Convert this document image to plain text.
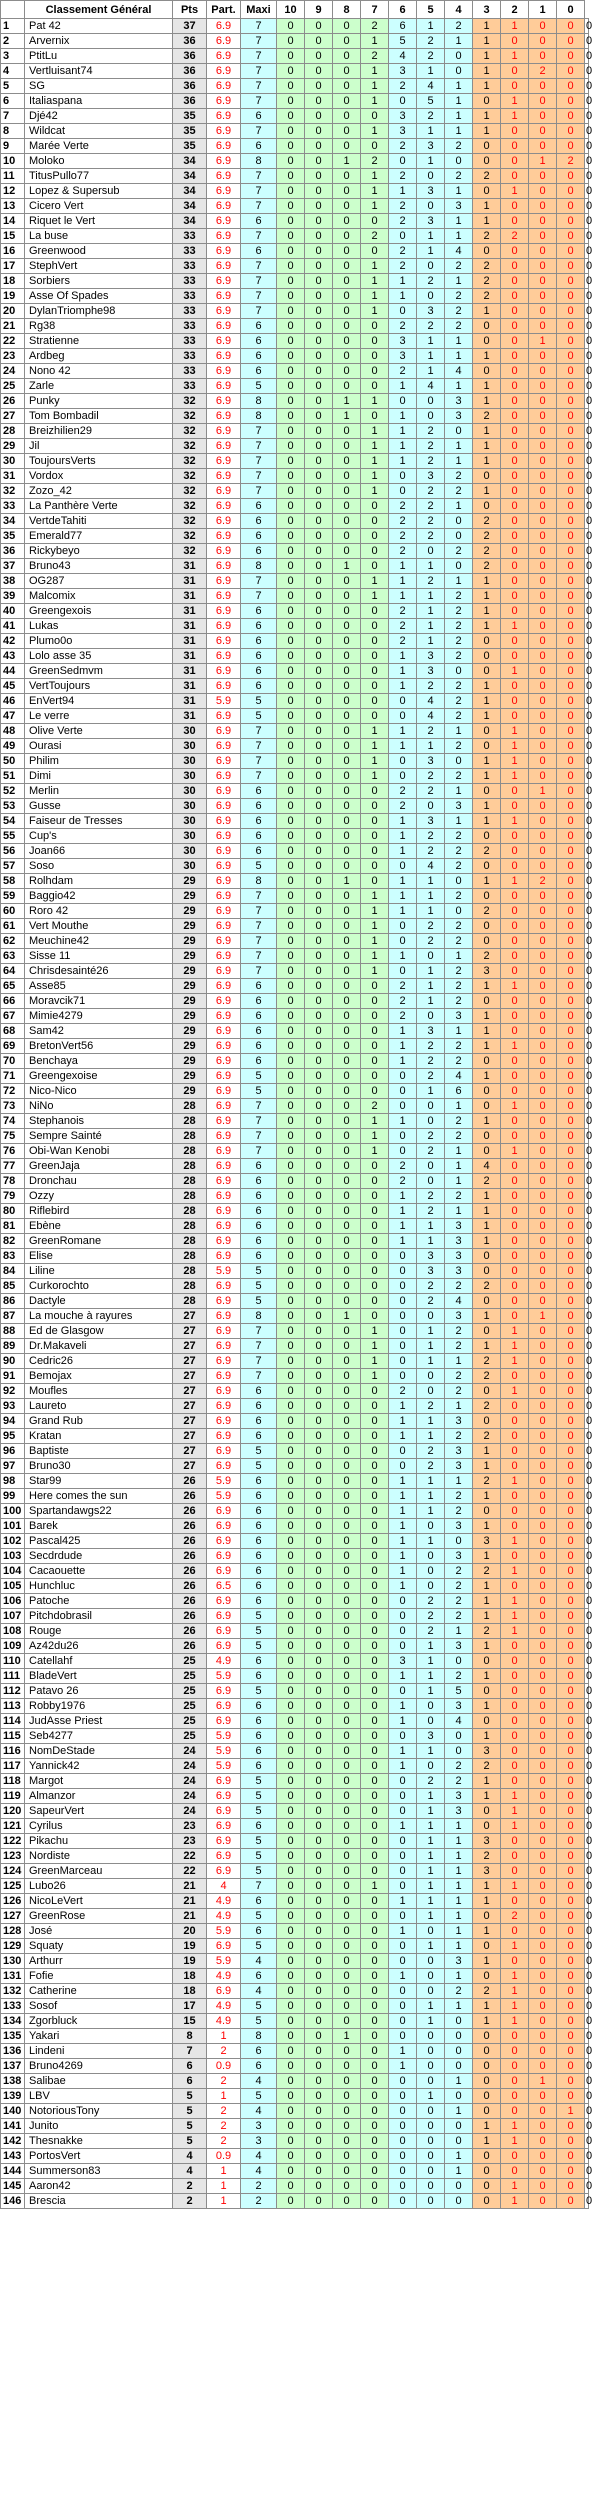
	Classement Général	Pts	Part.	Maxi	10	9	8	7	6	5	4	3	2	1	0	
1	Pat 42	37	6.9	7	0	0	0	2	6	1	2	1	1	0	0	0
2	Arvernix	36	6.9	7	0	0	0	1	5	2	1	1	0	0	0	0
3	PtitLu	36	6.9	7	0	0	0	2	4	2	0	1	1	0	0	0
4	Vertluisant74	36	6.9	7	0	0	0	1	3	1	0	1	0	2	0	0
5	SG	36	6.9	7	0	0	0	1	2	4	1	1	0	0	0	0
6	Italiaspana	36	6.9	7	0	0	0	1	0	5	1	0	1	0	0	0
7	Djé42	35	6.9	6	0	0	0	0	3	2	1	1	1	0	0	0
8	Wildcat	35	6.9	7	0	0	0	1	3	1	1	1	0	0	0	0
9	Marée Verte	35	6.9	6	0	0	0	0	2	3	2	0	0	0	0	0
10	Moloko	34	6.9	8	0	0	1	2	0	1	0	0	0	1	2	0
11	TitusPullo77	34	6.9	7	0	0	0	1	2	0	2	2	0	0	0	0
12	Lopez & Supersub	34	6.9	7	0	0	0	1	1	3	1	0	1	0	0	0
13	Cicero Vert	34	6.9	7	0	0	0	1	2	0	3	1	0	0	0	0
14	Riquet le Vert	34	6.9	6	0	0	0	0	2	3	1	1	0	0	0	0
15	La buse	33	6.9	7	0	0	0	2	0	1	1	2	2	0	0	0
16	Greenwood	33	6.9	6	0	0	0	0	2	1	4	0	0	0	0	0
17	StephVert	33	6.9	7	0	0	0	1	2	0	2	2	0	0	0	0
18	Sorbiers	33	6.9	7	0	0	0	1	1	2	1	2	0	0	0	0
19	Asse Of Spades	33	6.9	7	0	0	0	1	1	0	2	2	0	0	0	0
20	DylanTriomphe98	33	6.9	7	0	0	0	1	0	3	2	1	0	0	0	0
21	Rg38	33	6.9	6	0	0	0	0	2	2	2	0	0	0	0	0
22	Stratienne	33	6.9	6	0	0	0	0	3	1	1	0	0	1	0	0
23	Ardbeg	33	6.9	6	0	0	0	0	3	1	1	1	0	0	0	0
24	Nono 42	33	6.9	6	0	0	0	0	2	1	4	0	0	0	0	0
25	Zarle	33	6.9	5	0	0	0	0	1	4	1	1	0	0	0	0
26	Punky	32	6.9	8	0	0	1	1	0	0	3	1	0	0	0	0
27	Tom Bombadil	32	6.9	8	0	0	1	0	1	0	3	2	0	0	0	0
28	Breizhilien29	32	6.9	7	0	0	0	1	1	2	0	1	0	0	0	0
29	Jil	32	6.9	7	0	0	0	1	1	2	1	1	0	0	0	0
30	ToujoursVerts	32	6.9	7	0	0	0	1	1	2	1	1	0	0	0	0
31	Vordox	32	6.9	7	0	0	0	1	0	3	2	0	0	0	0	0
32	Zozo_42	32	6.9	7	0	0	0	1	0	2	2	1	0	0	0	0
33	La Panthère Verte	32	6.9	6	0	0	0	0	2	2	1	0	0	0	0	0
34	VertdeTahiti	32	6.9	6	0	0	0	0	2	2	0	2	0	0	0	0
35	Emerald77	32	6.9	6	0	0	0	0	2	2	0	2	0	0	0	0
36	Rickybeyo	32	6.9	6	0	0	0	0	2	0	2	2	0	0	0	0
37	Bruno43	31	6.9	8	0	0	1	0	1	1	0	2	0	0	0	0
38	OG287	31	6.9	7	0	0	0	1	1	2	1	1	0	0	0	0
39	Malcomix	31	6.9	7	0	0	0	1	1	1	2	1	0	0	0	0
40	Greengexois	31	6.9	6	0	0	0	0	2	1	2	1	0	0	0	0
41	Lukas	31	6.9	6	0	0	0	0	2	1	2	1	1	0	0	0
42	Plumo0o	31	6.9	6	0	0	0	0	2	1	2	0	0	0	0	0
43	Lolo asse 35	31	6.9	6	0	0	0	0	1	3	2	0	0	0	0	0
44	GreenSedmvm	31	6.9	6	0	0	0	0	1	3	0	0	1	0	0	0
45	VertToujours	31	6.9	6	0	0	0	0	1	2	2	1	0	0	0	0
46	EnVert94	31	5.9	5	0	0	0	0	0	4	2	1	0	0	0	0
47	Le verre	31	6.9	5	0	0	0	0	0	4	2	1	0	0	0	0
48	Olive Verte	30	6.9	7	0	0	0	1	1	2	1	0	1	0	0	0
49	Ourasi	30	6.9	7	0	0	0	1	1	1	2	0	1	0	0	0
50	Philim	30	6.9	7	0	0	0	1	0	3	0	1	1	0	0	0
51	Dimi	30	6.9	7	0	0	0	1	0	2	2	1	1	0	0	0
52	Merlin	30	6.9	6	0	0	0	0	2	2	1	0	0	1	0	0
53	Gusse	30	6.9	6	0	0	0	0	2	0	3	1	0	0	0	0
54	Faiseur de Tresses	30	6.9	6	0	0	0	0	1	3	1	1	1	0	0	0
55	Cup's	30	6.9	6	0	0	0	0	1	2	2	0	0	0	0	0
56	Joan66	30	6.9	6	0	0	0	0	1	2	2	2	0	0	0	0
57	Soso	30	6.9	5	0	0	0	0	0	4	2	0	0	0	0	0
58	Rolhdam	29	6.9	8	0	0	1	0	1	1	0	1	1	2	0	0
59	Baggio42	29	6.9	7	0	0	0	1	1	1	2	0	0	0	0	0
60	Roro 42	29	6.9	7	0	0	0	1	1	1	0	2	0	0	0	0
61	Vert Mouthe	29	6.9	7	0	0	0	1	0	2	2	0	0	0	0	0
62	Meuchine42	29	6.9	7	0	0	0	1	0	2	2	0	0	0	0	0
63	Sisse 11	29	6.9	7	0	0	0	1	1	0	1	2	0	0	0	0
64	Chrisdesainté26	29	6.9	7	0	0	0	1	0	1	2	3	0	0	0	0
65	Asse85	29	6.9	6	0	0	0	0	2	1	2	1	1	0	0	0
66	Moravcik71	29	6.9	6	0	0	0	0	2	1	2	0	0	0	0	0
67	Mimie4279	29	6.9	6	0	0	0	0	2	0	3	1	0	0	0	0
68	Sam42	29	6.9	6	0	0	0	0	1	3	1	1	0	0	0	0
69	BretonVert56	29	6.9	6	0	0	0	0	1	2	2	1	1	0	0	0
70	Benchaya	29	6.9	6	0	0	0	0	1	2	2	0	0	0	0	0
71	Greengexoise	29	6.9	5	0	0	0	0	0	2	4	1	0	0	0	0
72	Nico-Nico	29	6.9	5	0	0	0	0	0	1	6	0	0	0	0	0
73	NiNo	28	6.9	7	0	0	0	2	0	0	1	0	1	0	0	0
74	Stephanois	28	6.9	7	0	0	0	1	1	0	2	1	0	0	0	0
75	Sempre Sainté	28	6.9	7	0	0	0	1	0	2	2	0	0	0	0	0
76	Obi-Wan Kenobi	28	6.9	7	0	0	0	1	0	2	1	0	1	0	0	0
77	GreenJaja	28	6.9	6	0	0	0	0	2	0	1	4	0	0	0	0
78	Dronchau	28	6.9	6	0	0	0	0	2	0	1	2	0	0	0	0
79	Ozzy	28	6.9	6	0	0	0	0	1	2	2	1	0	0	0	0
80	Riflebird	28	6.9	6	0	0	0	0	1	2	1	1	0	0	0	0
81	Ebène	28	6.9	6	0	0	0	0	1	1	3	1	0	0	0	0
82	GreenRomane	28	6.9	6	0	0	0	0	1	1	3	1	0	0	0	0
83	Elise	28	6.9	6	0	0	0	0	0	3	3	0	0	0	0	0
84	Liline	28	5.9	5	0	0	0	0	0	3	3	0	0	0	0	0
85	Curkorochto	28	6.9	5	0	0	0	0	0	2	2	2	0	0	0	0
86	Dactyle	28	6.9	5	0	0	0	0	0	2	4	0	0	0	0	0
87	La mouche à rayures	27	6.9	8	0	0	1	0	0	0	3	1	0	1	0	0
88	Ed de Glasgow	27	6.9	7	0	0	0	1	0	1	2	0	1	0	0	0
89	Dr.Makaveli	27	6.9	7	0	0	0	1	0	1	2	1	1	0	0	0
90	Cedric26	27	6.9	7	0	0	0	1	0	1	1	2	1	0	0	0
91	Bemojax	27	6.9	7	0	0	0	1	0	0	2	2	0	0	0	0
92	Moufles	27	6.9	6	0	0	0	0	2	0	2	0	1	0	0	0
93	Laureto	27	6.9	6	0	0	0	0	1	2	1	2	0	0	0	0
94	Grand Rub	27	6.9	6	0	0	0	0	1	1	3	0	0	0	0	0
95	Kratan	27	6.9	6	0	0	0	0	1	1	2	2	0	0	0	0
96	Baptiste	27	6.9	5	0	0	0	0	0	2	3	1	0	0	0	0
97	Bruno30	27	6.9	5	0	0	0	0	0	2	3	1	0	0	0	0
98	Star99	26	5.9	6	0	0	0	0	1	1	1	2	1	0	0	0
99	Here comes the sun	26	5.9	6	0	0	0	0	1	1	2	1	0	0	0	0
100	Spartandawgs22	26	6.9	6	0	0	0	0	1	1	2	0	0	0	0	0
101	Barek	26	6.9	6	0	0	0	0	1	0	3	1	0	0	0	0
102	Pascal425	26	6.9	6	0	0	0	0	1	1	0	3	1	0	0	0
103	Secdrdude	26	6.9	6	0	0	0	0	1	0	3	1	0	0	0	0
104	Cacaouette	26	6.9	6	0	0	0	0	1	0	2	2	1	0	0	0
105	Hunchluc	26	6.5	6	0	0	0	0	1	0	2	1	0	0	0	0
106	Patoche	26	6.9	6	0	0	0	0	0	2	2	1	1	0	0	0
107	Pitchdobrasil	26	6.9	5	0	0	0	0	0	2	2	1	1	0	0	0
108	Rouge	26	6.9	5	0	0	0	0	0	2	1	2	1	0	0	0
109	Az42du26	26	6.9	5	0	0	0	0	0	1	3	1	0	0	0	0
110	Catellahf	25	4.9	6	0	0	0	0	3	1	0	0	0	0	0	0
111	BladeVert	25	5.9	6	0	0	0	0	1	1	2	1	0	0	0	0
112	Patavo 26	25	6.9	5	0	0	0	0	0	1	5	0	0	0	0	0
113	Robby1976	25	6.9	6	0	0	0	0	1	0	3	1	0	0	0	0
114	JudAsse Priest	25	6.9	6	0	0	0	0	1	0	4	0	0	0	0	0
115	Seb4277	25	5.9	6	0	0	0	0	0	3	0	1	0	0	0	0
116	NomDeStade	24	5.9	6	0	0	0	0	1	1	0	3	0	0	0	0
117	Yannick42	24	5.9	6	0	0	0	0	1	0	2	2	0	0	0	0
118	Margot	24	6.9	5	0	0	0	0	0	2	2	1	0	0	0	0
119	Almanzor	24	6.9	5	0	0	0	0	0	1	3	1	1	0	0	0
120	SapeurVert	24	6.9	5	0	0	0	0	0	1	3	0	1	0	0	0
121	Cyrilus	23	6.9	6	0	0	0	0	1	1	1	0	1	0	0	0
122	Pikachu	23	6.9	5	0	0	0	0	0	1	1	3	0	0	0	0
123	Nordiste	22	6.9	5	0	0	0	0	0	1	1	2	0	0	0	0
124	GreenMarceau	22	6.9	5	0	0	0	0	0	1	1	3	0	0	0	0
125	Lubo26	21	4	7	0	0	0	1	0	1	1	1	1	0	0	0
126	NicoLeVert	21	4.9	6	0	0	0	0	1	1	1	1	0	0	0	0
127	GreenRose	21	4.9	5	0	0	0	0	0	1	1	0	2	0	0	0
128	José	20	5.9	6	0	0	0	0	1	0	1	1	0	0	0	0
129	Squaty	19	6.9	5	0	0	0	0	0	1	1	0	1	0	0	0
130	Arthurr	19	5.9	4	0	0	0	0	0	0	3	1	0	0	0	0
131	Fofie	18	4.9	6	0	0	0	0	1	0	1	0	1	0	0	0
132	Catherine	18	6.9	4	0	0	0	0	0	0	2	2	1	0	0	0
133	Sosof	17	4.9	5	0	0	0	0	0	1	1	1	1	0	0	0
134	Zgorbluck	15	4.9	5	0	0	0	0	0	1	0	1	1	0	0	0
135	Yakari	8	1	8	0	0	1	0	0	0	0	0	0	0	0	0
136	Lindeni	7	2	6	0	0	0	0	1	0	0	0	0	0	0	0
137	Bruno4269	6	0.9	6	0	0	0	0	1	0	0	0	0	0	0	0
138	Salibae	6	2	4	0	0	0	0	0	0	1	0	0	1	0	0
139	LBV	5	1	5	0	0	0	0	0	1	0	0	0	0	0	0
140	NotoriousTony	5	2	4	0	0	0	0	0	0	1	0	0	0	1	0
141	Junito	5	2	3	0	0	0	0	0	0	0	1	1	0	0	0
142	Thesnakke	5	2	3	0	0	0	0	0	0	0	1	1	0	0	0
143	PortosVert	4	0.9	4	0	0	0	0	0	0	1	0	0	0	0	0
144	Summerson83	4	1	4	0	0	0	0	0	0	1	0	0	0	0	0
145	Aaron42	2	1	2	0	0	0	0	0	0	0	0	1	0	0	0
146	Brescia	2	1	2	0	0	0	0	0	0	0	0	1	0	0	0
